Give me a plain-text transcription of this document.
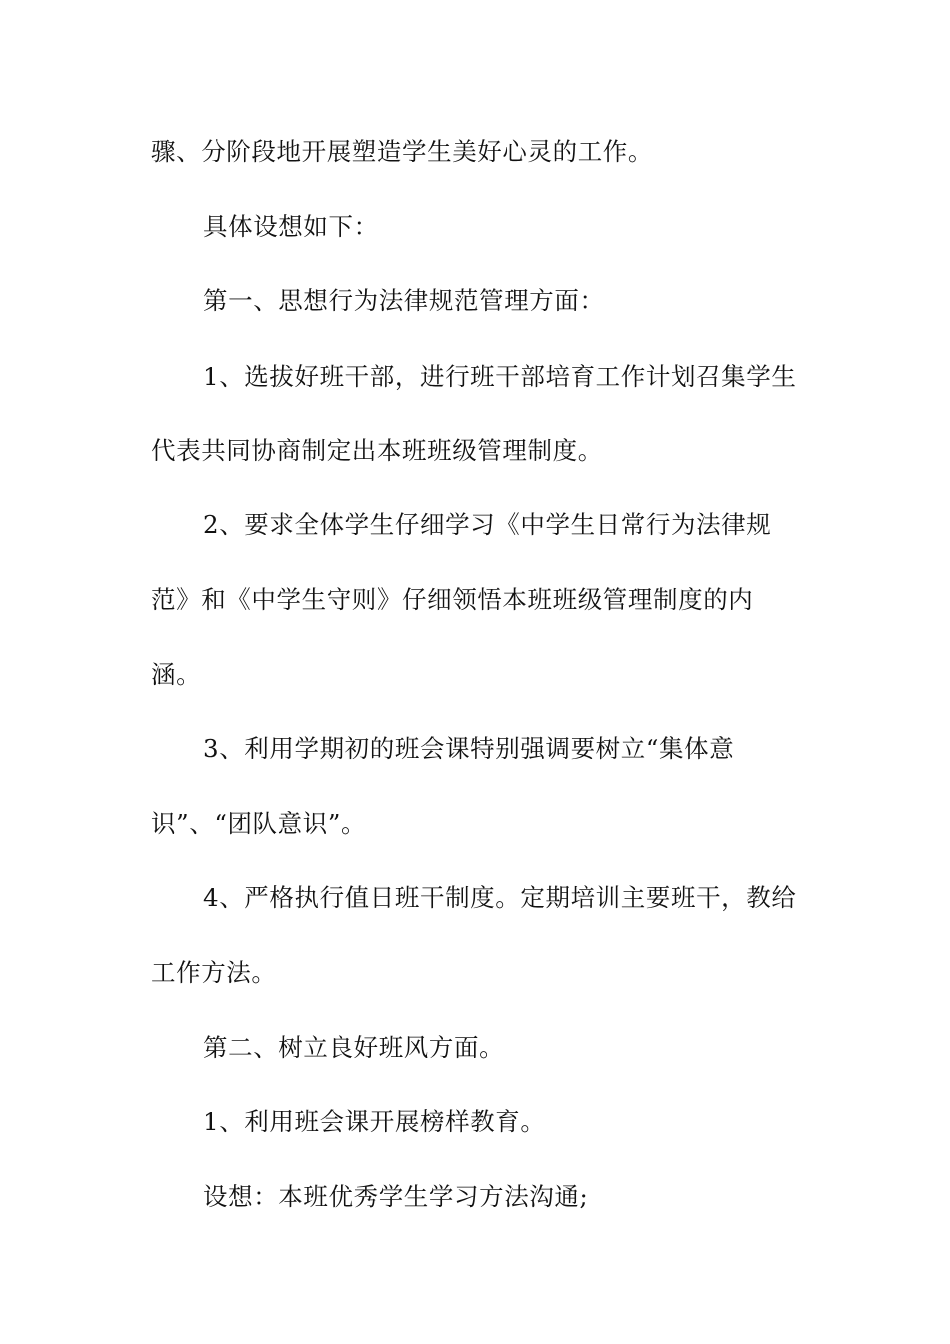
骤、分阶段地开展塑造学生美好心灵的工作。
具体设想如下：
第一、思想行为法律规范管理方面：
1、选拔好班干部，进行班干部培育工作计划召集学生
代表共同协商制定出本班班级管理制度。
2、要求全体学生仔细学习《中学生日常行为法律规
范》和《中学生守则》仔细领悟本班班级管理制度的内
涵。
3、利用学期初的班会课特别强调要树立“集体意
识”、“团队意识”。
4、严格执行值日班干制度。定期培训主要班干，教给
工作方法。
第二、树立良好班风方面。
1、利用班会课开展榜样教育。
设想：本班优秀学生学习方法沟通;
